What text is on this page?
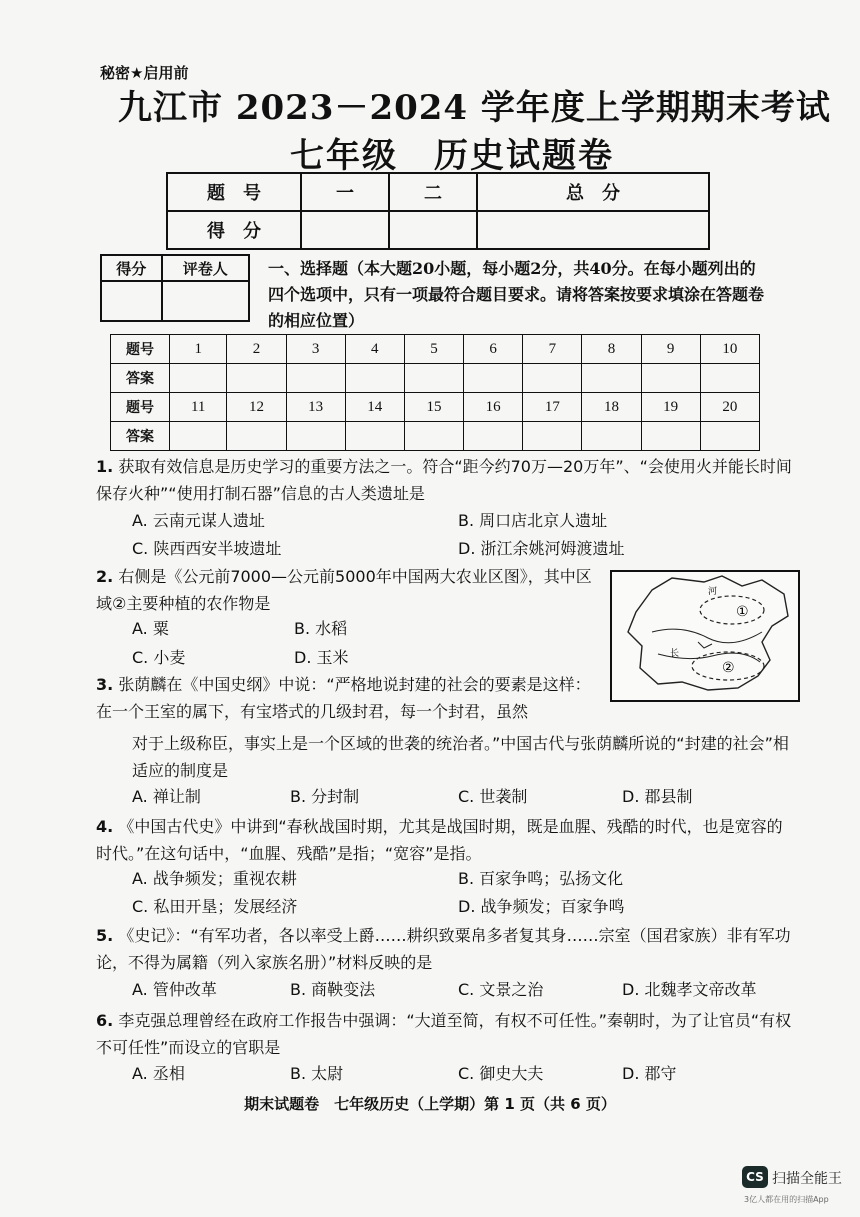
秘密★启用前
九江市 2023－2024 学年度上学期期末考试
七年级　历史试题卷
题　号	一	二	总　分
得　分			
得分	评卷人
		一、选择题（本大题20小题，每小题2分，共40分。在每小题列出的四个选项中，只有一项最符合题目要求。请将答案按要求填涂在答题卷的相应位置）
题号	1	2	3	4	5	6	7	8	9	10
答案										
题号	11	12	13	14	15	16	17	18	19	20
答案										
1. 获取有效信息是历史学习的重要方法之一。符合“距今约70万—20万年”、“会使用火并能长时间保存火种”“使用打制石器”信息的古人类遗址是
A. 云南元谋人遗址	B. 周口店北京人遗址
C. 陕西西安半坡遗址	D. 浙江余姚河姆渡遗址
2. 右侧是《公元前7000—公元前5000年中国两大农业区图》，其中区域②主要种植的农作物是
A. 粟	B. 水稻
C. 小麦	D. 玉米
①
②
河
长
3. 张荫麟在《中国史纲》中说：“严格地说封建的社会的要素是这样：在一个王室的属下，有宝塔式的几级封君，每一个封君，虽然
对于上级称臣，事实上是一个区域的世袭的统治者。”中国古代与张荫麟所说的“封建的社会”相适应的制度是
A. 禅让制	B. 分封制	C. 世袭制	D. 郡县制
4. 《中国古代史》中讲到“春秋战国时期，尤其是战国时期，既是血腥、残酷的时代，也是宽容的时代。”在这句话中，“血腥、残酷”是指；“宽容”是指。
A. 战争频发；重视农耕	B. 百家争鸣；弘扬文化
C. 私田开垦；发展经济	D. 战争频发；百家争鸣
5. 《史记》：“有军功者，各以率受上爵……耕织致粟帛多者复其身……宗室（国君家族）非有军功论，不得为属籍（列入家族名册）”材料反映的是
A. 管仲改革	B. 商鞅变法	C. 文景之治	D. 北魏孝文帝改革
6. 李克强总理曾经在政府工作报告中强调：“大道至简，有权不可任性。”秦朝时，为了让官员“有权不可任性”而设立的官职是
A. 丞相	B. 太尉	C. 御史大夫	D. 郡守
期末试题卷　七年级历史（上学期）第 1 页（共 6 页）
CS 扫描全能王
3亿人都在用的扫描App
